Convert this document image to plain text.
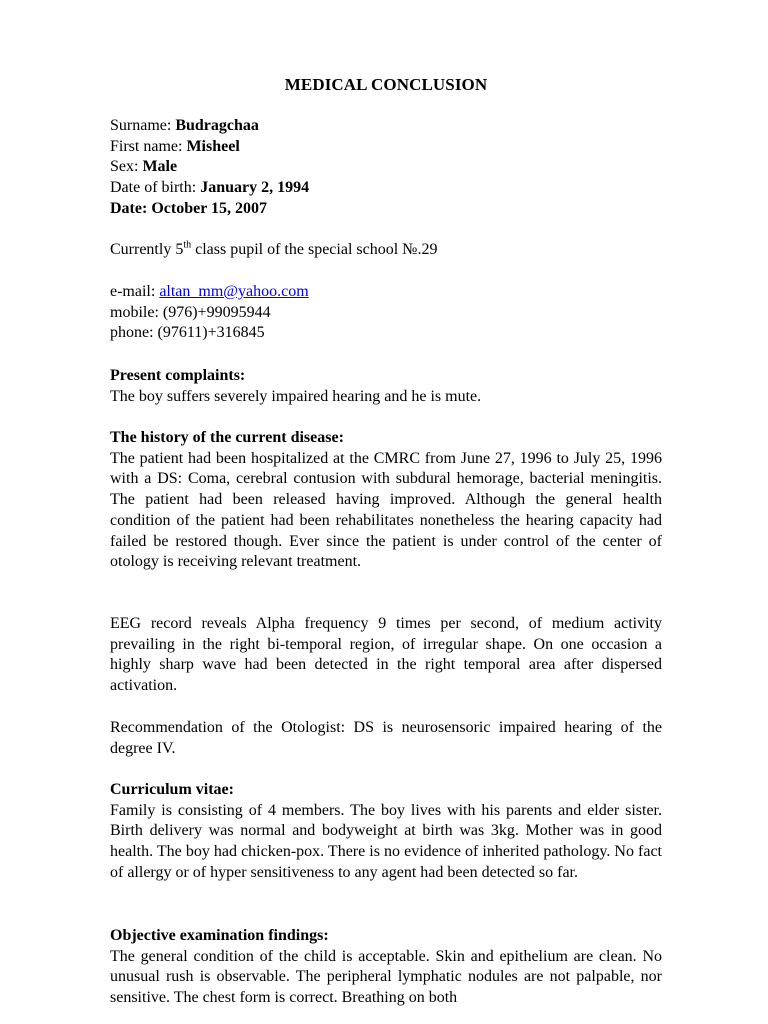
MEDICAL CONCLUSION
Surname: Budragchaa
First name: Misheel
Sex: Male
Date of birth: January 2, 1994
Date: October 15, 2007
Currently 5th class pupil of the special school №.29
e-mail: altan_mm@yahoo.com
mobile: (976)+99095944
phone: (97611)+316845
Present complaints:
The boy suffers severely impaired hearing and he is mute.
The history of the current disease:

The patient had been hospitalized at the CMRC from June 27, 1996 to July 25, 1996 with a DS: Coma, cerebral contusion with subdural hemorage, bacterial meningitis. The patient had been released having improved. Although the general health condition of the patient had been rehabilitates nonetheless the hearing capacity had failed be restored though. Ever since the patient is under control of the center of otology is receiving relevant treatment.

EEG record reveals Alpha frequency 9 times per second, of medium activity prevailing in the right bi-temporal region, of irregular shape. On one occasion a highly sharp wave had been detected in the right temporal area after dispersed activation.

Recommendation of the Otologist: DS is neurosensoric impaired hearing of the degree IV.

Curriculum vitae:

Family is consisting of 4 members. The boy lives with his parents and elder sister. Birth delivery was normal and bodyweight at birth was 3kg. Mother was in good health. The boy had chicken-pox. There is no evidence of inherited pathology. No fact of allergy or of hyper sensitiveness to any agent had been detected so far.

Objective examination findings:

The general condition of the child is acceptable. Skin and epithelium are clean. No unusual rush is observable. The peripheral lymphatic nodules are not palpable, nor sensitive. The chest form is correct. Breathing on both
